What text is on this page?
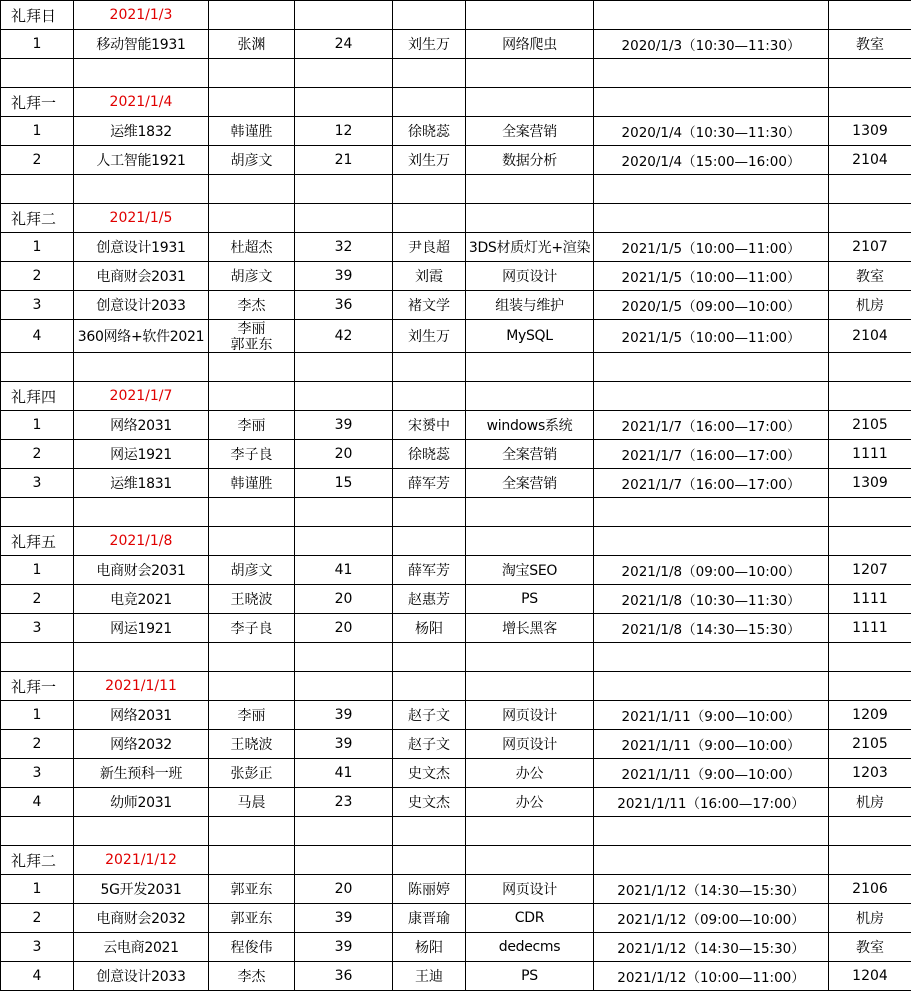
礼拜日	2021/1/3						
1	移动智能1931	张渊	24	刘生万	网络爬虫	2020/1/3（10:30—11:30）	教室

礼拜一	2021/1/4						
1	运维1832	韩谨胜	12	徐晓蕊	全案营销	2020/1/4（10:30—11:30）	1309
2	人工智能1921	胡彦文	21	刘生万	数据分析	2020/1/4（15:00—16:00）	2104

礼拜二	2021/1/5						
1	创意设计1931	杜超杰	32	尹良超	3DS材质灯光+渲染	2021/1/5（10:00—11:00）	2107
2	电商财会2031	胡彦文	39	刘霞	网页设计	2021/1/5（10:00—11:00）	教室
3	创意设计2033	李杰	36	褚文学	组装与维护	2020/1/5（09:00—10:00）	机房
4	360网络+软件2021	李丽
郭亚东	42	刘生万	MySQL	2021/1/5（10:00—11:00）	2104

礼拜四	2021/1/7						
1	网络2031	李丽	39	宋赟中	windows系统	2021/1/7（16:00—17:00）	2105
2	网运1921	李子良	20	徐晓蕊	全案营销	2021/1/7（16:00—17:00）	1111
3	运维1831	韩谨胜	15	薛军芳	全案营销	2021/1/7（16:00—17:00）	1309

礼拜五	2021/1/8						
1	电商财会2031	胡彦文	41	薛军芳	淘宝SEO	2021/1/8（09:00—10:00）	1207
2	电竞2021	王晓波	20	赵惠芳	PS	2021/1/8（10:30—11:30）	1111
3	网运1921	李子良	20	杨阳	增长黑客	2021/1/8（14:30—15:30）	1111

礼拜一	2021/1/11						
1	网络2031	李丽	39	赵子文	网页设计	2021/1/11（9:00—10:00）	1209
2	网络2032	王晓波	39	赵子文	网页设计	2021/1/11（9:00—10:00）	2105
3	新生预科一班	张彭正	41	史文杰	办公	2021/1/11（9:00—10:00）	1203
4	幼师2031	马晨	23	史文杰	办公	2021/1/11（16:00—17:00）	机房

礼拜二	2021/1/12						
1	5G开发2031	郭亚东	20	陈丽婷	网页设计	2021/1/12（14:30—15:30）	2106
2	电商财会2032	郭亚东	39	康晋瑜	CDR	2021/1/12（09:00—10:00）	机房
3	云电商2021	程俊伟	39	杨阳	dedecms	2021/1/12（14:30—15:30）	教室
4	创意设计2033	李杰	36	王迪	PS	2021/1/12（10:00—11:00）	1204
